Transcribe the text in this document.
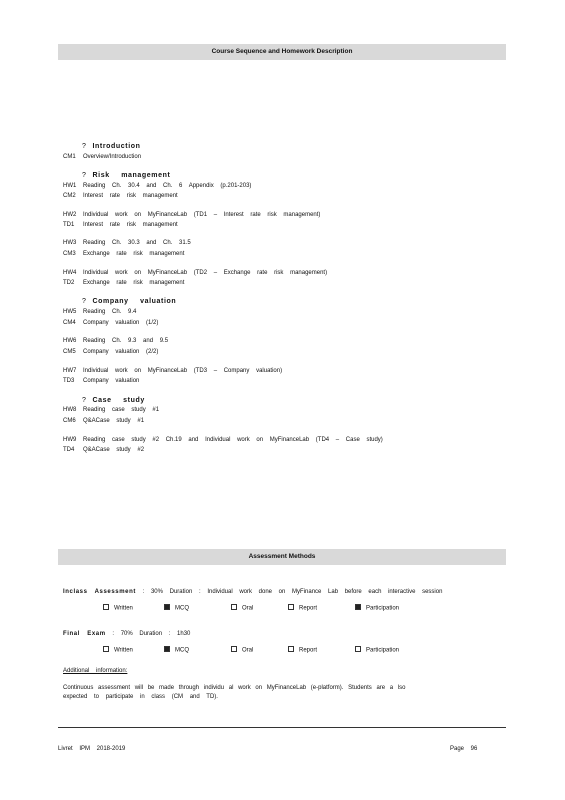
Course Sequence and Homework Description
? Introduction
CM1 Overview/Introduction
? Risk management
HW1 Reading Ch. 30.4 and Ch. 6 Appendix (p.201-203)
CM2 Interest rate risk management
HW2 Individual work on MyFinanceLab (TD1 – Interest rate risk management)
TD1 Interest rate risk management
HW3 Reading Ch. 30.3 and Ch. 31.5
CM3 Exchange rate risk management
HW4 Individual work on MyFinanceLab (TD2 – Exchange rate risk management)
TD2 Exchange rate risk management
? Company valuation
HW5 Reading Ch. 9.4
CM4 Company valuation (1/2)
HW6 Reading Ch. 9.3 and 9.5
CM5 Company valuation (2/2)
HW7 Individual work on MyFinanceLab (TD3 – Company valuation)
TD3 Company valuation
? Case study
HW8 Reading case study #1
CM6 Q&ACase study #1
HW9 Reading case study #2 Ch.19 and Individual work on MyFinanceLab (TD4 – Case study)
TD4 Q&ACase study #2
Assessment Methods
Inclass Assessment : 30% Duration : Individual work done on MyFinance Lab before each interactive session
Written	MCQ	Oral	Report	Participation
Final Exam : 70% Duration : 1h30
Written	MCQ	Oral	Report	Participation
Additional information:
Continuous assessment will be made through individu al work on MyFinanceLab (e-platform). Students are a lso
expected to participate in class (CM and TD).
Livret IPM 2018-2019	Page 96
